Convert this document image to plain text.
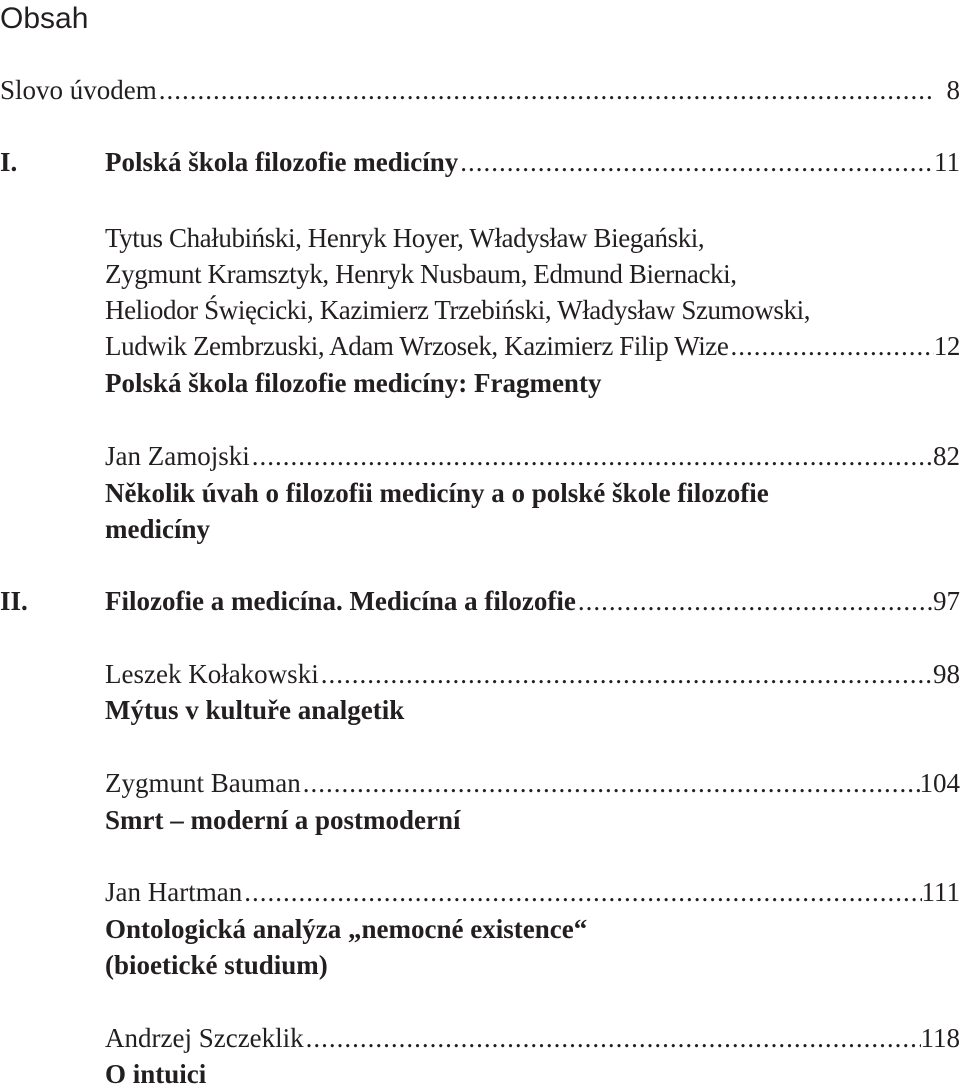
Obsah
Slovo úvodem .....	8
I.	Polská škola filozofie medicíny .....	11
Tytus Chałubiński, Henryk Hoyer, Władysław Biegański,
Zygmunt Kramsztyk, Henryk Nusbaum, Edmund Biernacki,
Heliodor Święcicki, Kazimierz Trzebiński, Władysław Szumowski,
Ludwik Zembrzuski, Adam Wrzosek, Kazimierz Filip Wize .....	12
Polská škola filozofie medicíny: Fragmenty
Jan Zamojski .....	82
Několik úvah o filozofii medicíny a o polské škole filozofie
medicíny
II.	Filozofie a medicína. Medicína a filozofie .....	97
Leszek Kołakowski .....	98
Mýtus v kultuře analgetik
Zygmunt Bauman .....	104
Smrt – moderní a postmoderní
Jan Hartman .....	111
Ontologická analýza „nemocné existence“
(bioetické studium)
Andrzej Szczeklik .....	118
O intuici
